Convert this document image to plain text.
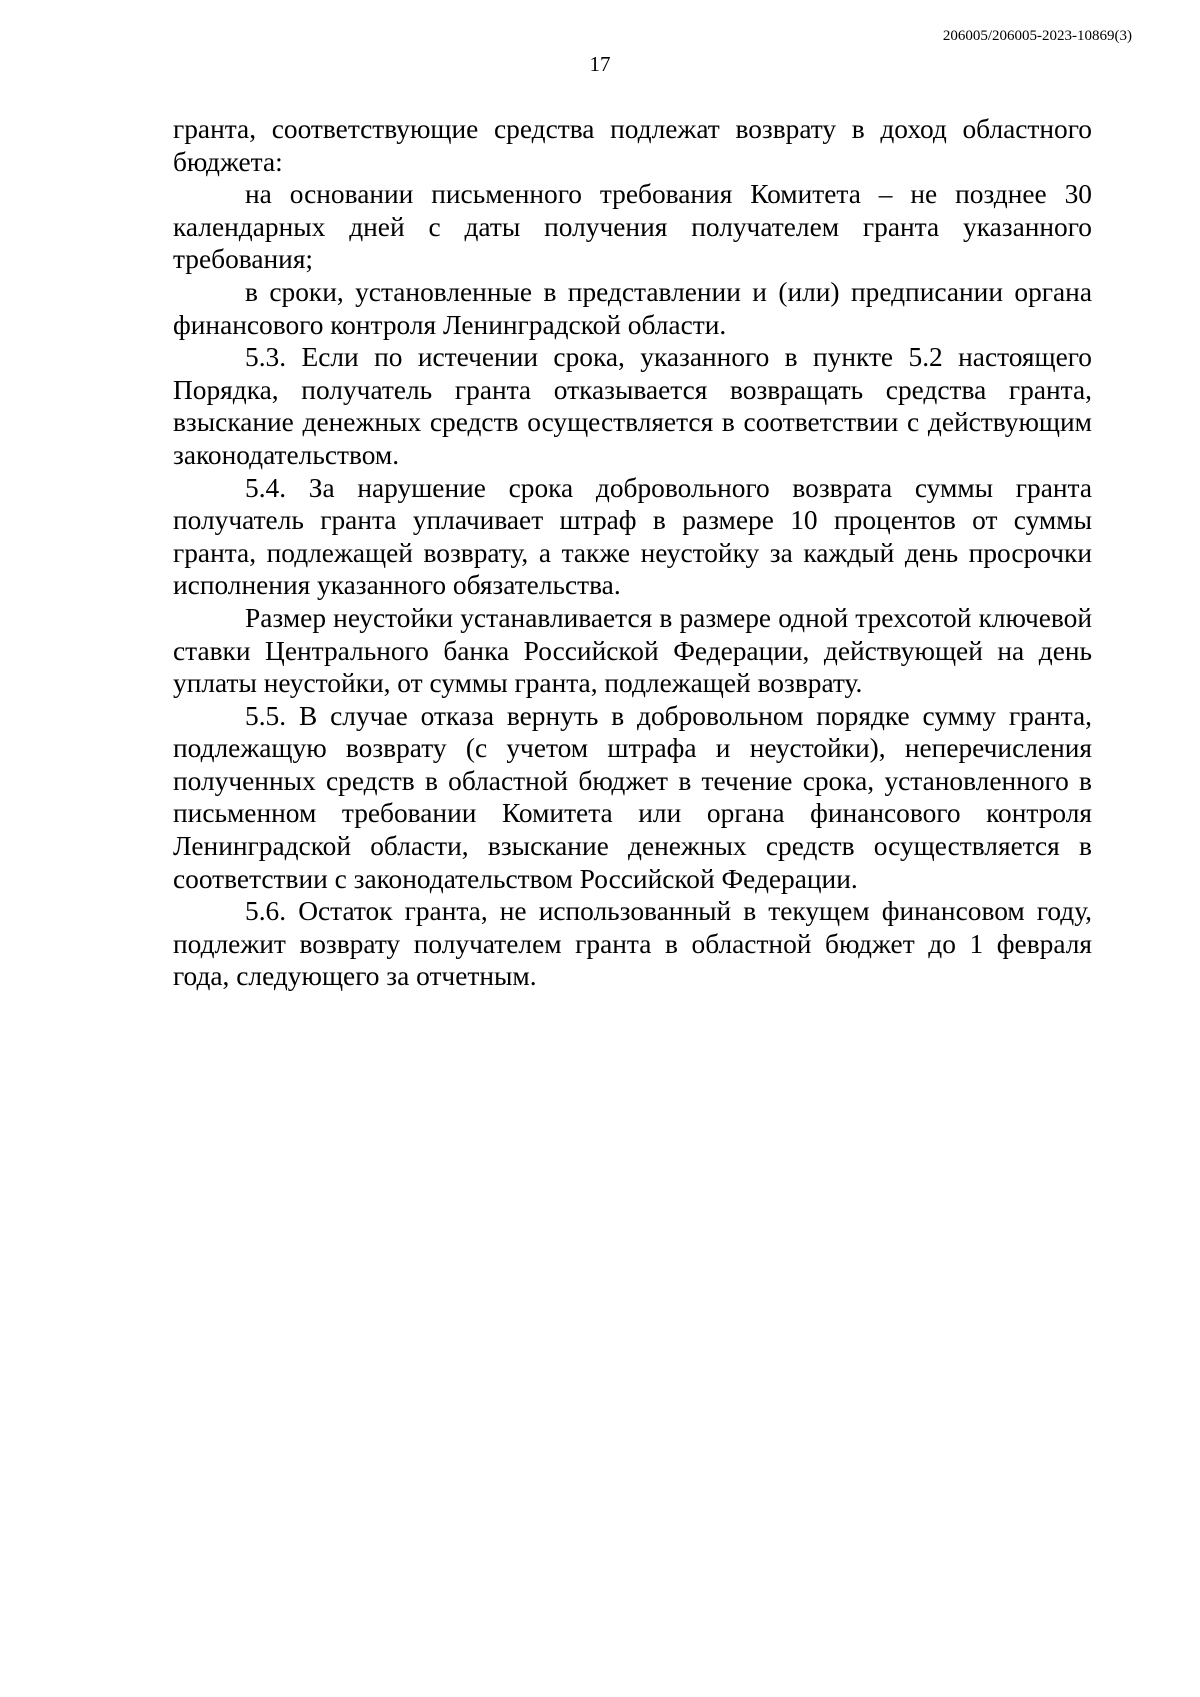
206005/206005-2023-10869(3)
17

гранта, соответствующие средства подлежат возврату в доход областного бюджета:

на основании письменного требования Комитета – не позднее 30 календарных дней с даты получения получателем гранта указанного требования;

в сроки, установленные в представлении и (или) предписании органа финансового контроля Ленинградской области.

5.3. Если по истечении срока, указанного в пункте 5.2 настоящего Порядка, получатель гранта отказывается возвращать средства гранта, взыскание денежных средств осуществляется в соответствии с действующим законодательством.

5.4. За нарушение срока добровольного возврата суммы гранта получатель гранта уплачивает штраф в размере 10 процентов от суммы гранта, подлежащей возврату, а также неустойку за каждый день просрочки исполнения указанного обязательства.

Размер неустойки устанавливается в размере одной трехсотой ключевой ставки Центрального банка Российской Федерации, действующей на день уплаты неустойки, от суммы гранта, подлежащей возврату.

5.5. В случае отказа вернуть в добровольном порядке сумму гранта, подлежащую возврату (с учетом штрафа и неустойки), неперечисления полученных средств в областной бюджет в течение срока, установленного в письменном требовании Комитета или органа финансового контроля Ленинградской области, взыскание денежных средств осуществляется в соответствии с законодательством Российской Федерации.

5.6. Остаток гранта, не использованный в текущем финансовом году, подлежит возврату получателем гранта в областной бюджет до 1 февраля года, следующего за отчетным.
